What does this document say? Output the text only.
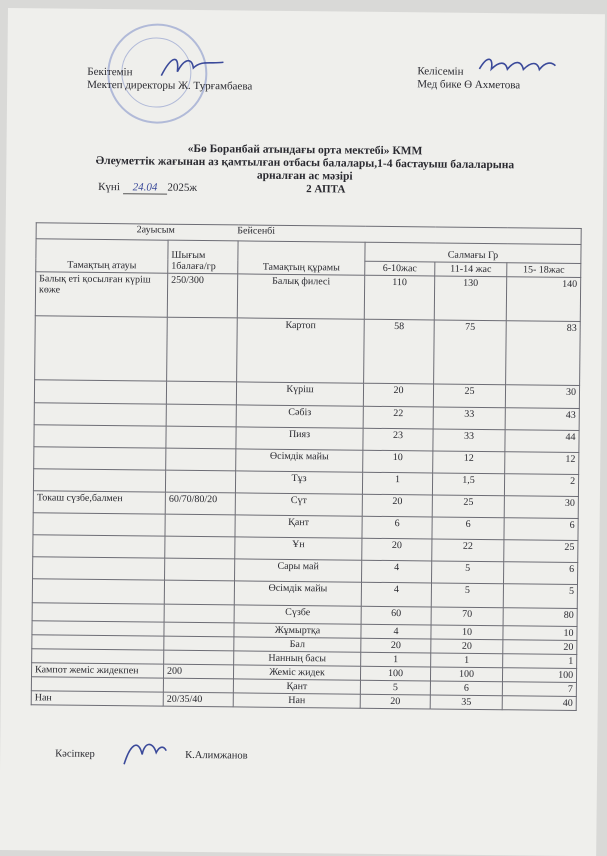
Бекітемін
Мектеп директоры Ж. Турғамбаева
Келісемін
Мед бике Ө Ахметова
«Бө Боранбай атындағы орта мектебі» КММ
Әлеуметтік жағынан аз қамтылған отбасы балалары,1-4 бастауыш балаларына
арналған ас мәзірі
Күні 24.04 2025ж	2 АПТА
2ауысым Бейсенбі					
Тамақтың атауы	Шығым 1балаға/гр	Тамақтың құрамы	Салмағы Гр		
			6-10жас	11-14 жас	15- 18жас
Балық еті қосылған күріш көже	250/300	Балық филесі	110	130	140
		Картоп	58	75	83
		Күріш	20	25	30
		Сәбіз	22	33	43
		Пияз	23	33	44
		Өсімдік майы	10	12	12
		Тұз	1	1,5	2
Токаш сүзбе,балмен	60/70/80/20	Сүт	20	25	30
		Қант	6	6	6
		Ұн	20	22	25
		Сары май	4	5	6
		Өсімдік майы	4	5	5
		Сүзбе	60	70	80
		Жұмыртқа	4	10	10
		Бал	20	20	20
		Нанның басы	1	1	1
Кампот жеміс жидекпен	200	Жеміс жидек	100	100	100
		Қант	5	6	7
Нан	20/35/40	Нан	20	35	40
Кәсіпкер	К.Алимжанов
